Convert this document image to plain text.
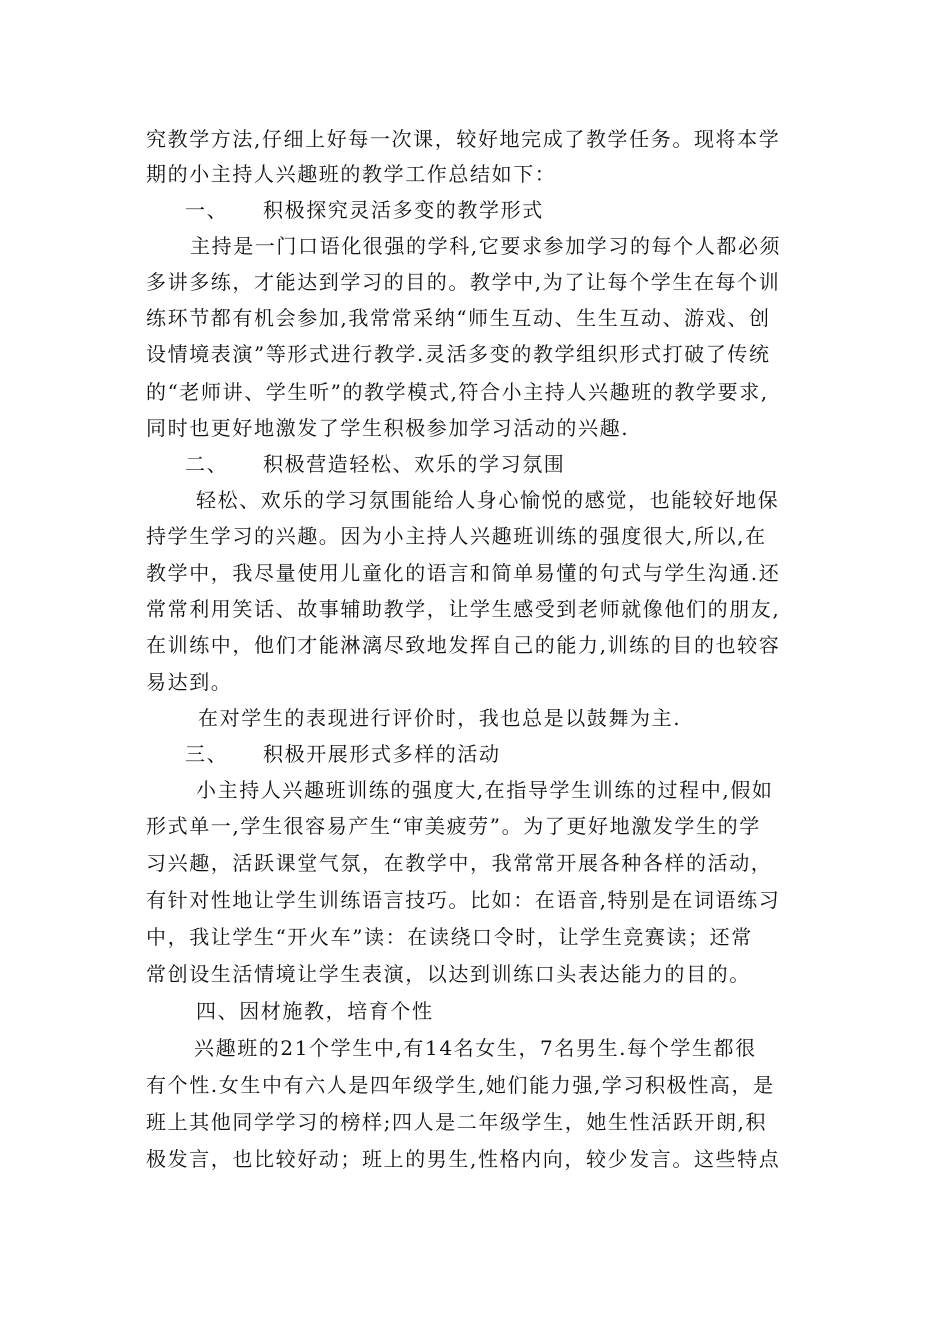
究教学方法,仔细上好每一次课，较好地完成了教学任务。现将本学
期的小主持人兴趣班的教学工作总结如下：
一、 积极探究灵活多变的教学形式
主持是一门口语化很强的学科,它要求参加学习的每个人都必须
多讲多练，才能达到学习的目的。教学中,为了让每个学生在每个训
练环节都有机会参加,我常常采纳“师生互动、生生互动、游戏、创
设情境表演”等形式进行教学.灵活多变的教学组织形式打破了传统
的“老师讲、学生听”的教学模式,符合小主持人兴趣班的教学要求,
同时也更好地激发了学生积极参加学习活动的兴趣.
二、 积极营造轻松、欢乐的学习氛围
轻松、欢乐的学习氛围能给人身心愉悦的感觉，也能较好地保
持学生学习的兴趣。因为小主持人兴趣班训练的强度很大,所以,在
教学中，我尽量使用儿童化的语言和简单易懂的句式与学生沟通.还
常常利用笑话、故事辅助教学，让学生感受到老师就像他们的朋友,
在训练中，他们才能淋漓尽致地发挥自己的能力,训练的目的也较容
易达到。
在对学生的表现进行评价时，我也总是以鼓舞为主.
三、 积极开展形式多样的活动
小主持人兴趣班训练的强度大,在指导学生训练的过程中,假如
形式单一,学生很容易产生“审美疲劳”。为了更好地激发学生的学
习兴趣，活跃课堂气氛，在教学中，我常常开展各种各样的活动，
有针对性地让学生训练语言技巧。比如：在语音,特别是在词语练习
中，我让学生“开火车”读：在读绕口令时，让学生竞赛读；还常
常创设生活情境让学生表演，以达到训练口头表达能力的目的。
四、因材施教，培育个性
兴趣班的21个学生中,有14名女生，7名男生.每个学生都很
有个性.女生中有六人是四年级学生,她们能力强,学习积极性高，是
班上其他同学学习的榜样;四人是二年级学生，她生性活跃开朗,积
极发言，也比较好动；班上的男生,性格内向，较少发言。这些特点
